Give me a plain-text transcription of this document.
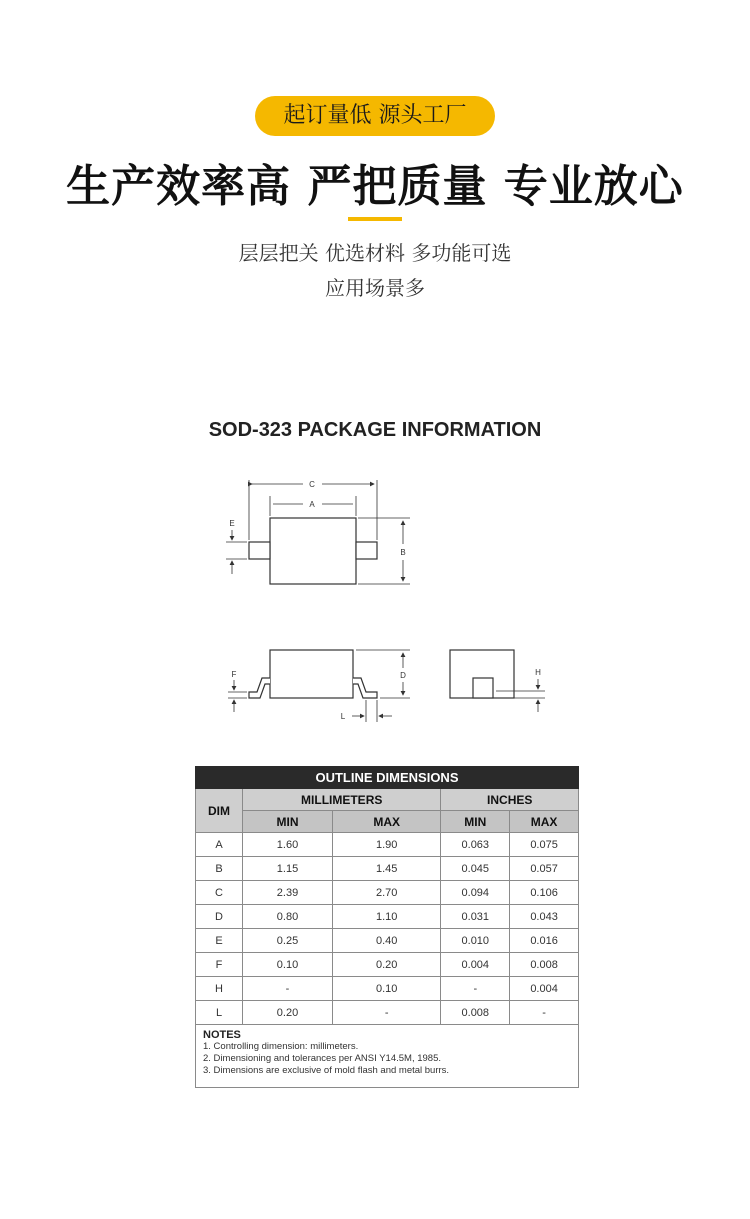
起订量低 源头工厂
生产效率高 严把质量 专业放心
层层把关 优选材料 多功能可选
应用场景多
SOD-323 PACKAGE INFORMATION
C
A
E
B
F	D
L
H
OUTLINE DIMENSIONS				
DIM	MILLIMETERS		INCHES	
	MIN	MAX	MIN	MAX
A	1.60	1.90	0.063	0.075
B	1.15	1.45	0.045	0.057
C	2.39	2.70	0.094	0.106
D	0.80	1.10	0.031	0.043
E	0.25	0.40	0.010	0.016
F	0.10	0.20	0.004	0.008
H	-	0.10	-	0.004
L	0.20	-	0.008	-

NOTES
1. Controlling dimension: millimeters.
2. Dimensioning and tolerances per ANSI Y14.5M, 1985.
3. Dimensions are exclusive of mold flash and metal burrs.				
